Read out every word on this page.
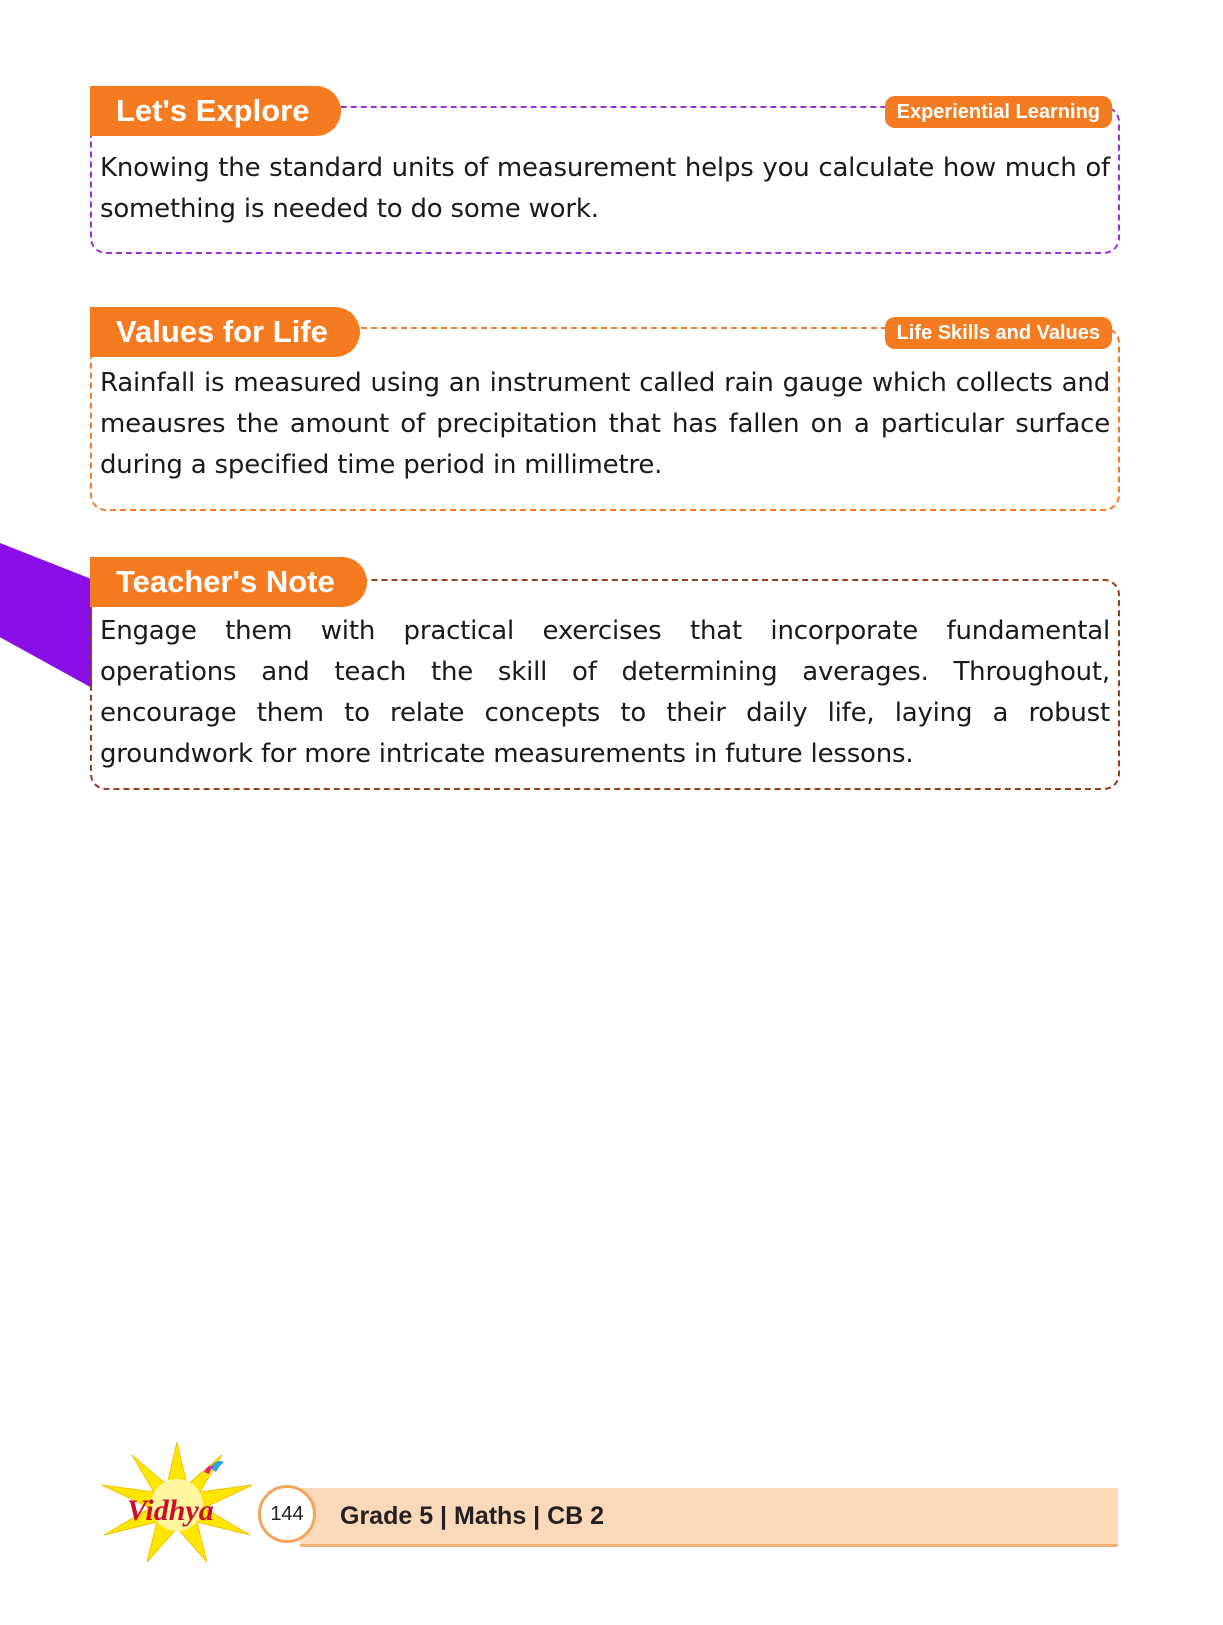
Let's Explore	Experiential Learning
Knowing the standard units of measurement helps you calculate how much of something is needed to do some work.
Values for Life	Life Skills and Values
Rainfall is measured using an instrument called rain gauge which collects and meausres the amount of precipitation that has fallen on a particular surface during a specified time period in millimetre.
Teacher's Note
Engage them with practical exercises that incorporate fundamental operations and teach the skill of determining averages. Throughout, encourage them to relate concepts to their daily life, laying a robust groundwork for more intricate measurements in future lessons.
Vidhya	144	Grade 5 | Maths | CB 2
